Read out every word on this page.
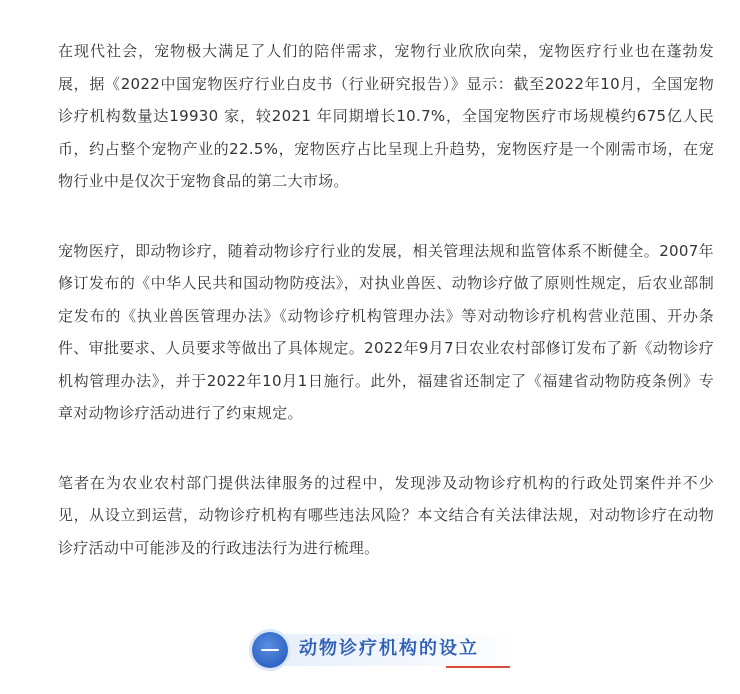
在现代社会，宠物极大满足了人们的陪伴需求，宠物行业欣欣向荣，宠物医疗行业也在蓬勃发展，据《2022中国宠物医疗行业白皮书（行业研究报告）》显示：截至2022年10月，全国宠物诊疗机构数量达19930 家，较2021 年同期增长10.7%，全国宠物医疗市场规模约675亿人民币，约占整个宠物产业的22.5%，宠物医疗占比呈现上升趋势，宠物医疗是一个刚需市场，在宠物行业中是仅次于宠物食品的第二大市场。

宠物医疗，即动物诊疗，随着动物诊疗行业的发展，相关管理法规和监管体系不断健全。2007年修订发布的《中华人民共和国动物防疫法》，对执业兽医、动物诊疗做了原则性规定，后农业部制定发布的《执业兽医管理办法》《动物诊疗机构管理办法》等对动物诊疗机构营业范围、开办条件、审批要求、人员要求等做出了具体规定。2022年9月7日农业农村部修订发布了新《动物诊疗机构管理办法》，并于2022年10月1日施行。此外，福建省还制定了《福建省动物防疫条例》专章对动物诊疗活动进行了约束规定。

笔者在为农业农村部门提供法律服务的过程中，发现涉及动物诊疗机构的行政处罚案件并不少见，从设立到运营，动物诊疗机构有哪些违法风险？本文结合有关法律法规，对动物诊疗在动物诊疗活动中可能涉及的行政违法行为进行梳理。

动物诊疗机构的设立
